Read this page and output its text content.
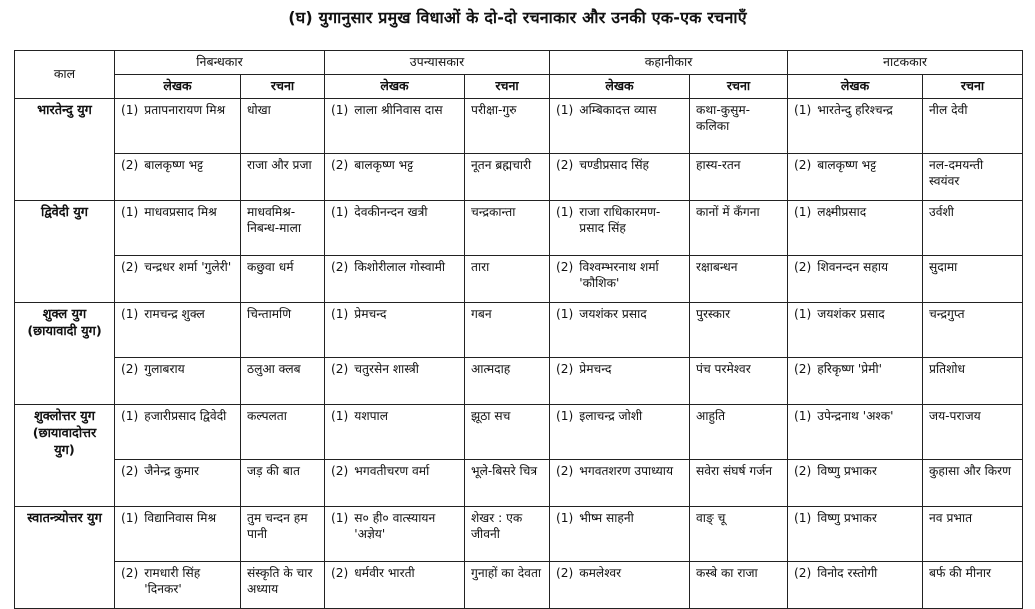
(घ) युगानुसार प्रमुख विधाओं के दो-दो रचनाकार और उनकी एक-एक रचनाएँ
काल	निबन्धकार		उपन्यासकार		कहानीकार		नाटककार	
	लेखक	रचना	लेखक	रचना	लेखक	रचना	लेखक	रचना
भारतेन्दु युग	(1) प्रतापनारायण मिश्र	धोखा	(1) लाला श्रीनिवास दास	परीक्षा-गुरु	(1) अम्बिकादत्त व्यास	कथा-कुसुम-कलिका	(1) भारतेन्दु हरिश्चन्द्र	नील देवी

	(2) बालकृष्ण भट्ट	राजा और प्रजा	(2) बालकृष्ण भट्ट	नूतन ब्रह्मचारी	(2) चण्डीप्रसाद सिंह	हास्य-रतन	(2) बालकृष्ण भट्ट	नल-दमयन्ती स्वयंवर
द्विवेदी युग	(1) माधवप्रसाद मिश्र	माधवमिश्र-निबन्ध-माला	(1) देवकीनन्दन खत्री	चन्द्रकान्ता	(1) राजा राधिकारमण-प्रसाद सिंह	कानों में कँगना	(1) लक्ष्मीप्रसाद	उर्वशी

	(2) चन्द्रधर शर्मा 'गुलेरी'	कछुवा धर्म	(2) किशोरीलाल गोस्वामी	तारा	(2) विश्वम्भरनाथ शर्मा 'कौशिक'	रक्षाबन्धन	(2) शिवनन्दन सहाय	सुदामा
शुक्ल युग (छायावादी युग)	(1) रामचन्द्र शुक्ल	चिन्तामणि	(1) प्रेमचन्द	गबन	(1) जयशंकर प्रसाद	पुरस्कार	(1) जयशंकर प्रसाद	चन्द्रगुप्त

	(2) गुलाबराय	ठलुआ क्लब	(2) चतुरसेन शास्त्री	आत्मदाह	(2) प्रेमचन्द	पंच परमेश्वर	(2) हरिकृष्ण 'प्रेमी'	प्रतिशोध
शुक्लोत्तर युग (छायावादोत्तर युग)	(1) हजारीप्रसाद द्विवेदी	कल्पलता	(1) यशपाल	झूठा सच	(1) इलाचन्द्र जोशी	आहुति	(1) उपेन्द्रनाथ 'अश्क'	जय-पराजय

	(2) जैनेन्द्र कुमार	जड़ की बात	(2) भगवतीचरण वर्मा	भूले-बिसरे चित्र	(2) भगवतशरण उपाध्याय	सवेरा संघर्ष गर्जन	(2) विष्णु प्रभाकर	कुहासा और किरण
स्वातन्त्र्योत्तर युग	(1) विद्यानिवास मिश्र	तुम चन्दन हम पानी	(1) स० ही० वात्स्यायन 'अज्ञेय'	शेखर : एक जीवनी	(1) भीष्म साहनी	वाङ् चू	(1) विष्णु प्रभाकर	नव प्रभात

	(2) रामधारी सिंह 'दिनकर'	संस्कृति के चार अध्याय	(2) धर्मवीर भारती	गुनाहों का देवता	(2) कमलेश्वर	कस्बे का राजा	(2) विनोद रस्तोगी	बर्फ की मीनार
